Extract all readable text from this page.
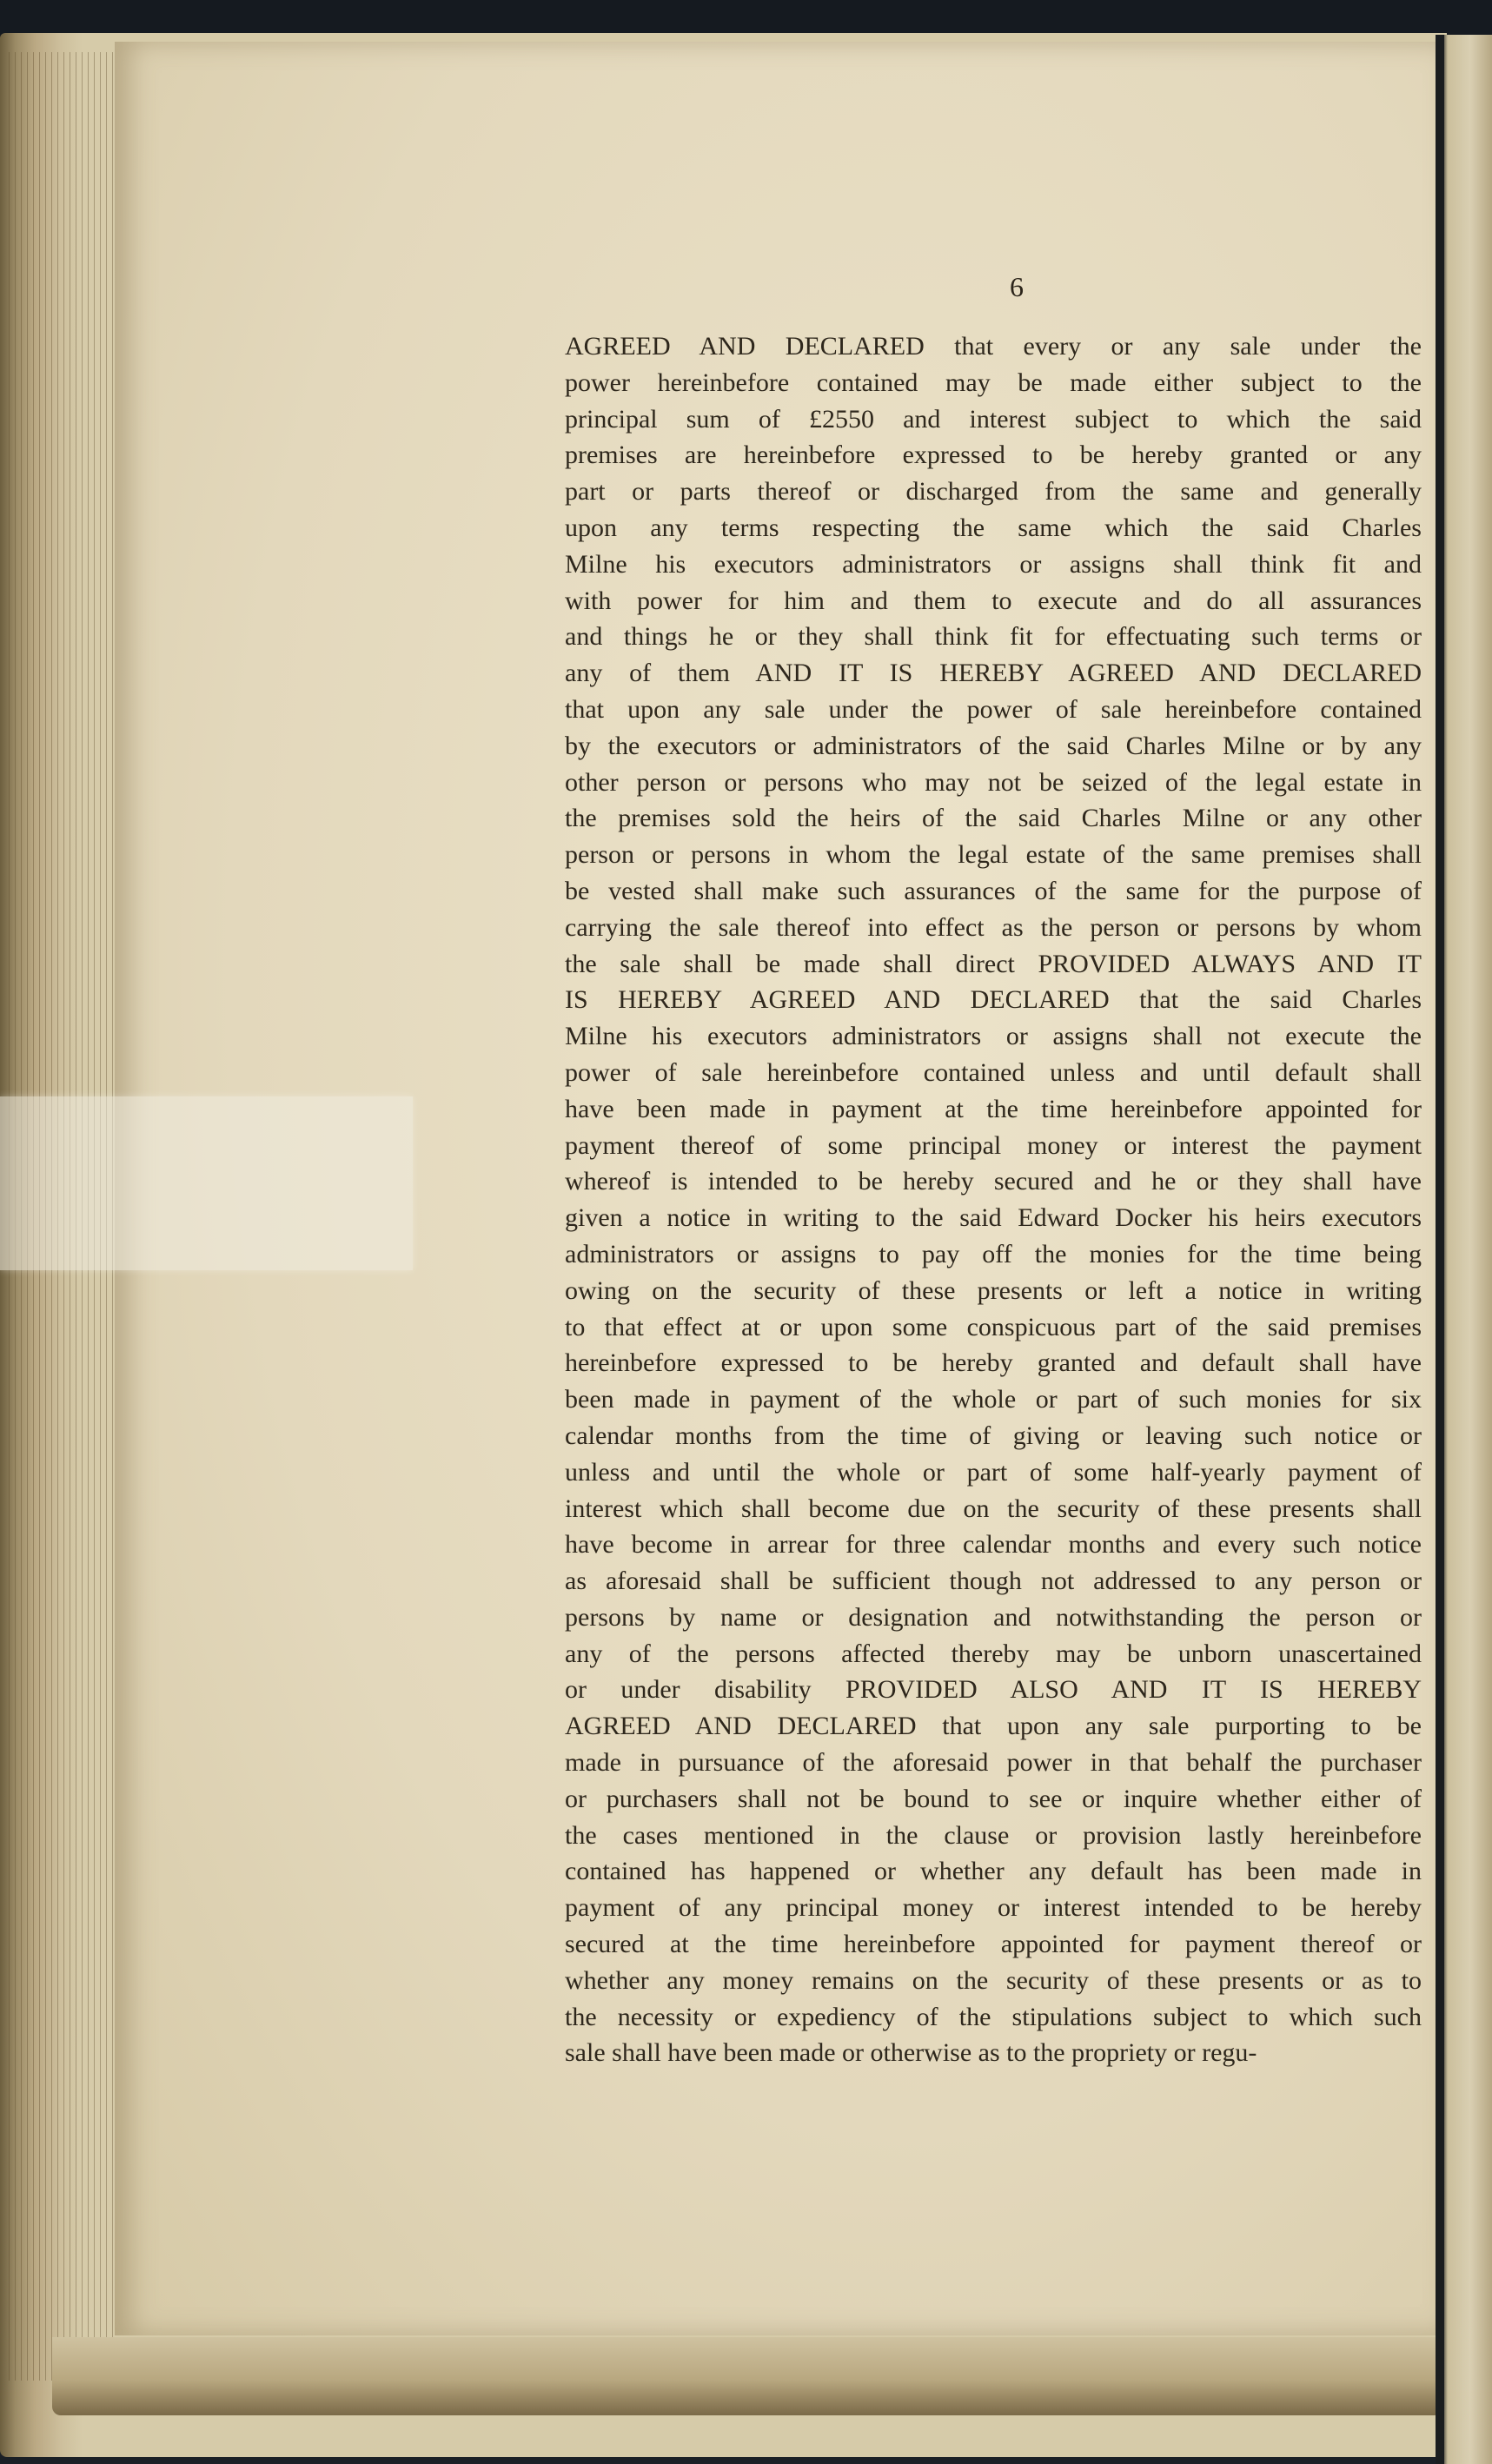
6
AGREED AND DECLARED that every or any sale under the
power hereinbefore contained may be made either subject to the
principal sum of £2550 and interest subject to which the said
premises are hereinbefore expressed to be hereby granted or any
part or parts thereof or discharged from the same and generally
upon any terms respecting the same which the said Charles
Milne his executors administrators or assigns shall think fit and
with power for him and them to execute and do all assurances
and things he or they shall think fit for effectuating such terms or
any of them AND IT IS HEREBY AGREED AND DECLARED
that upon any sale under the power of sale hereinbefore contained
by the executors or administrators of the said Charles Milne or by any
other person or persons who may not be seized of the legal estate in
the premises sold the heirs of the said Charles Milne or any other
person or persons in whom the legal estate of the same premises shall
be vested shall make such assurances of the same for the purpose of
carrying the sale thereof into effect as the person or persons by whom
the sale shall be made shall direct PROVIDED ALWAYS AND IT
IS HEREBY AGREED AND DECLARED that the said Charles
Milne his executors administrators or assigns shall not execute the
power of sale hereinbefore contained unless and until default shall
have been made in payment at the time hereinbefore appointed for
payment thereof of some principal money or interest the payment
whereof is intended to be hereby secured and he or they shall have
given a notice in writing to the said Edward Docker his heirs executors
administrators or assigns to pay off the monies for the time being
owing on the security of these presents or left a notice in writing
to that effect at or upon some conspicuous part of the said premises
hereinbefore expressed to be hereby granted and default shall have
been made in payment of the whole or part of such monies for six
calendar months from the time of giving or leaving such notice or
unless and until the whole or part of some half-yearly payment of
interest which shall become due on the security of these presents shall
have become in arrear for three calendar months and every such notice
as aforesaid shall be sufficient though not addressed to any person or
persons by name or designation and notwithstanding the person or
any of the persons affected thereby may be unborn unascertained
or under disability PROVIDED ALSO AND IT IS HEREBY
AGREED AND DECLARED that upon any sale purporting to be
made in pursuance of the aforesaid power in that behalf the purchaser
or purchasers shall not be bound to see or inquire whether either of
the cases mentioned in the clause or provision lastly hereinbefore
contained has happened or whether any default has been made in
payment of any principal money or interest intended to be hereby
secured at the time hereinbefore appointed for payment thereof or
whether any money remains on the security of these presents or as to
the necessity or expediency of the stipulations subject to which such
sale shall have been made or otherwise as to the propriety or regu-
